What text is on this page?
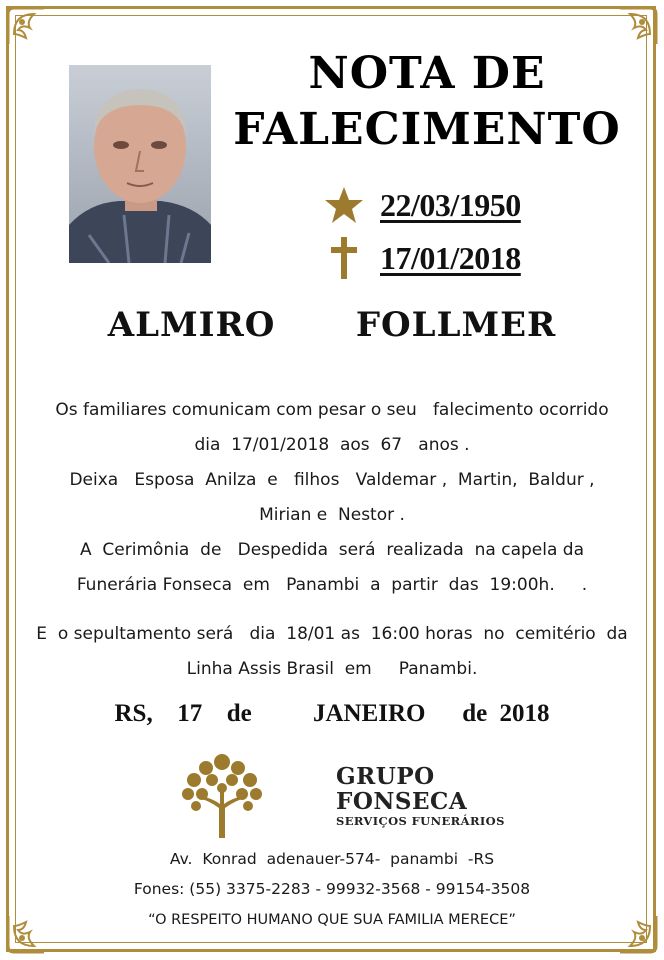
NOTA DE
FALECIMENTO
22/03/1950
17/01/2018
ALMIRO   FOLLMER

Os familiares comunicam com pesar o seu   falecimento ocorrido

dia  17/01/2018  aos  67   anos .

Deixa   Esposa  Anilza  e   filhos   Valdemar ,  Martin,  Baldur ,

Mirian e  Nestor .

A  Cerimônia  de   Despedida  será  realizada  na capela da

Funerária Fonseca  em   Panambi  a  partir  das  19:00h.     .

E  o sepultamento será   dia  18/01 as  16:00 horas  no  cemitério  da

Linha Assis Brasil  em     Panambi.

RS,  17  de     JANEIRO   de 2018
GRUPO
FONSECA
SERVIÇOS FUNERÁRIOS
Av.  Konrad  adenauer-574-  panambi  -RS
Fones: (55) 3375-2283 - 99932-3568 - 99154-3508
“O RESPEITO HUMANO QUE SUA FAMILIA MERECE”
